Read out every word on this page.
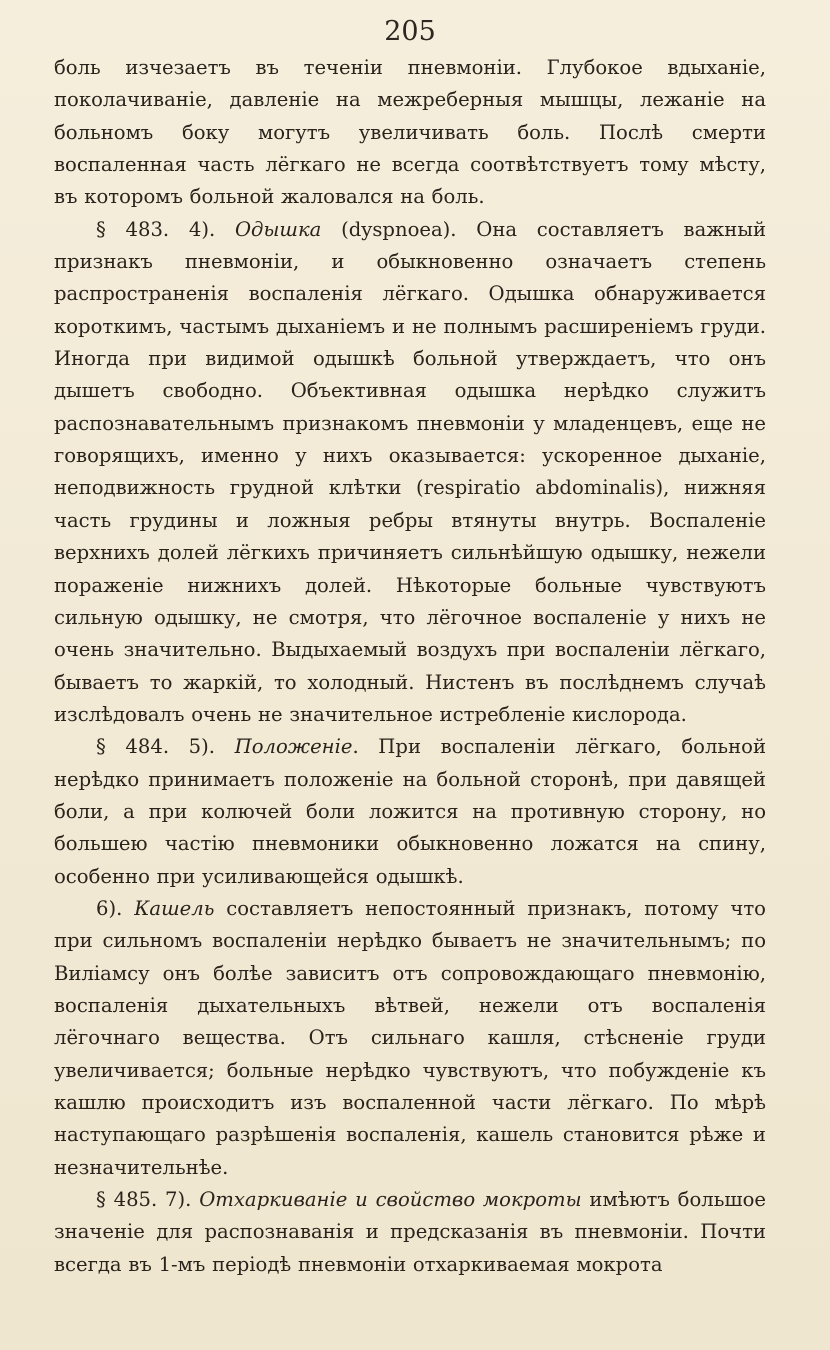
205

боль изчезаетъ въ теченіи пневмоніи. Глубокое вдыханіе, поколачиваніе, давленіе на межреберныя мышцы, лежаніе на больномъ боку могутъ увеличивать боль. Послѣ смерти воспаленная часть лёгкаго не всегда соотвѣтствуетъ тому мѣсту, въ которомъ больной жаловался на боль.

§ 483. 4). Одышка (dyspnoea). Она составляетъ важный признакъ пневмоніи, и обыкновенно означаетъ степень распространенія воспаленія лёгкаго. Одышка обнаруживается короткимъ, частымъ дыханіемъ и не полнымъ расширеніемъ груди. Иногда при видимой одышкѣ больной утверждаетъ, что онъ дышетъ свободно. Объективная одышка нерѣдко служитъ распознавательнымъ признакомъ пневмоніи у младенцевъ, еще не говорящихъ, именно у нихъ оказывается: ускоренное дыханіе, неподвижность грудной клѣтки (respiratio abdominalis), нижняя часть грудины и ложныя ребры втянуты внутрь. Воспаленіе верхнихъ долей лёгкихъ причиняетъ сильнѣйшую одышку, нежели пораженіе нижнихъ долей. Нѣкоторые больные чувствуютъ сильную одышку, не смотря, что лёгочное воспаленіе у нихъ не очень значительно. Выдыхаемый воздухъ при воспаленіи лёгкаго, бываетъ то жаркій, то холодный. Нистенъ въ послѣднемъ случаѣ изслѣдовалъ очень не значительное истребленіе кислорода.

§ 484. 5). Положеніе. При воспаленіи лёгкаго, больной нерѣдко принимаетъ положеніе на больной сторонѣ, при давящей боли, а при колючей боли ложится на противную сторону, но большею частію пневмоники обыкновенно ложатся на спину, особенно при усиливающейся одышкѣ.

6). Кашель составляетъ непостоянный признакъ, потому что при сильномъ воспаленіи нерѣдко бываетъ не значительнымъ; по Виліамсу онъ болѣе зависитъ отъ сопровождающаго пневмонію, воспаленія дыхательныхъ вѣтвей, нежели отъ воспаленія лёгочнаго вещества. Отъ сильнаго кашля, стѣсненіе груди увеличивается; больные нерѣдко чувствуютъ, что побужденіе къ кашлю происходитъ изъ воспаленной части лёгкаго. По мѣрѣ наступающаго разрѣшенія воспаленія, кашель становится рѣже и незначительнѣе.

§ 485. 7). Отхаркиваніе и свойство мокроты имѣютъ большое значеніе для распознаванія и предсказанія въ пневмоніи. Почти всегда въ 1-мъ періодѣ пневмоніи отхаркиваемая мокрота
